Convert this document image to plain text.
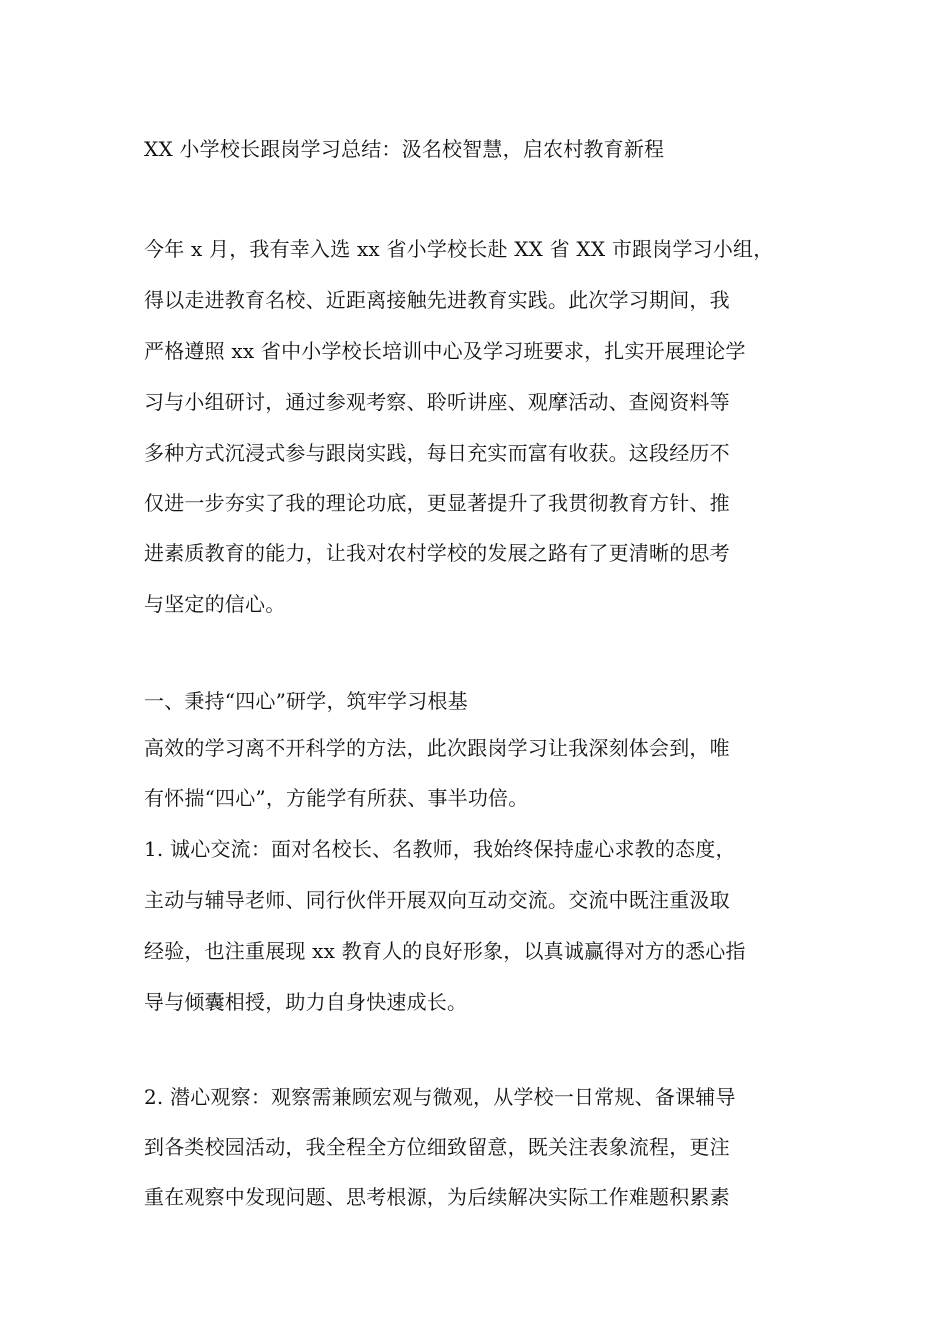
XX 小学校长跟岗学习总结：汲名校智慧，启农村教育新程
今年 x 月，我有幸入选 xx 省小学校长赴 XX 省 XX 市跟岗学习小组，
得以走进教育名校、近距离接触先进教育实践。此次学习期间，我
严格遵照 xx 省中小学校长培训中心及学习班要求，扎实开展理论学
习与小组研讨，通过参观考察、聆听讲座、观摩活动、查阅资料等
多种方式沉浸式参与跟岗实践，每日充实而富有收获。这段经历不
仅进一步夯实了我的理论功底，更显著提升了我贯彻教育方针、推
进素质教育的能力，让我对农村学校的发展之路有了更清晰的思考
与坚定的信心。
一、秉持“四心”研学，筑牢学习根基
高效的学习离不开科学的方法，此次跟岗学习让我深刻体会到，唯
有怀揣“四心”，方能学有所获、事半功倍。
1. 诚心交流：面对名校长、名教师，我始终保持虚心求教的态度，
主动与辅导老师、同行伙伴开展双向互动交流。交流中既注重汲取
经验，也注重展现 xx 教育人的良好形象，以真诚赢得对方的悉心指
导与倾囊相授，助力自身快速成长。
2. 潜心观察：观察需兼顾宏观与微观，从学校一日常规、备课辅导
到各类校园活动，我全程全方位细致留意，既关注表象流程，更注
重在观察中发现问题、思考根源，为后续解决实际工作难题积累素
